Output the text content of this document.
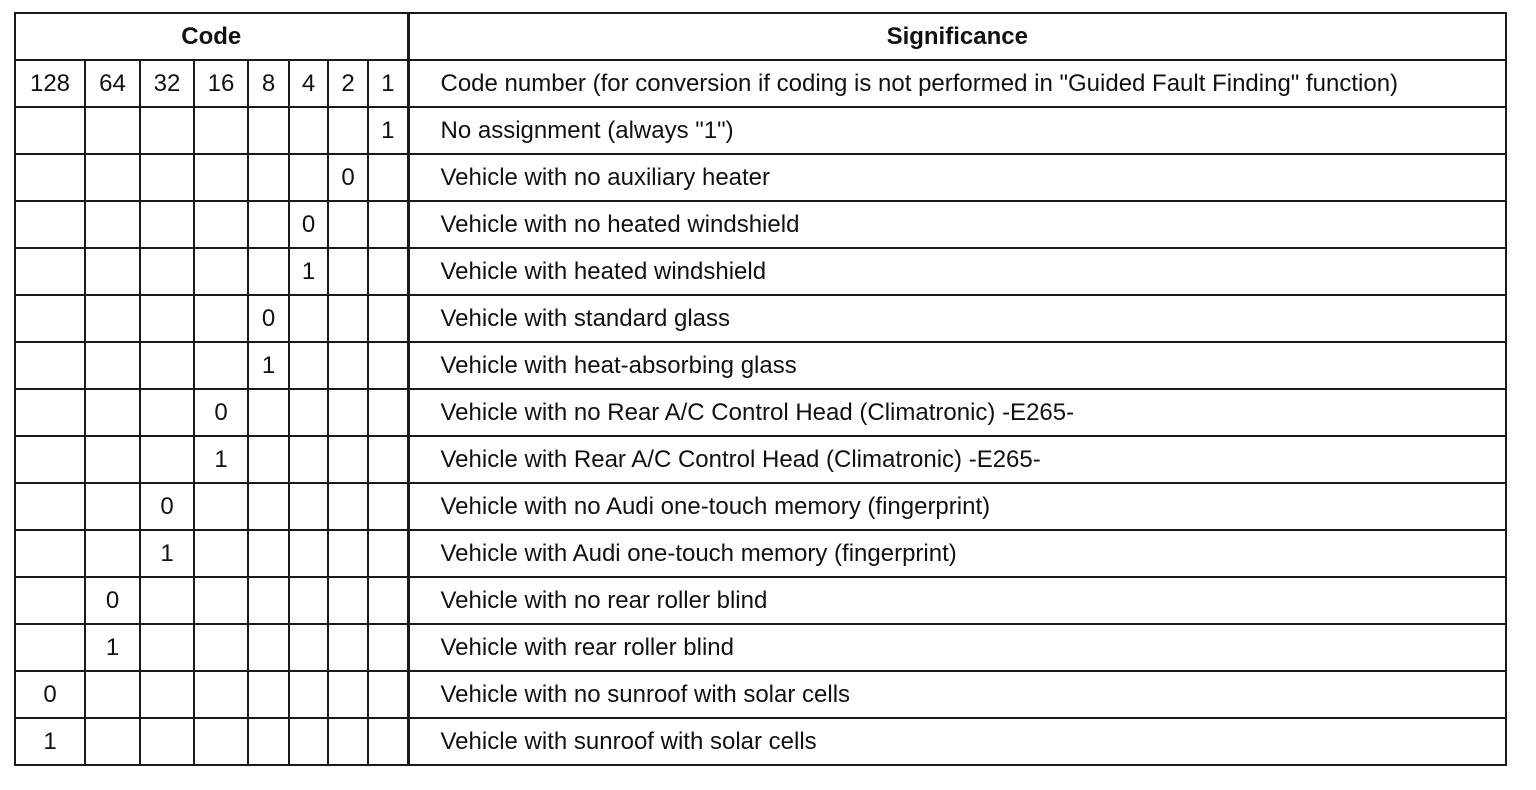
Code								Significance
128	64	32	16	8	4	2	1	Code number (for conversion if coding is not performed in "Guided Fault Finding" function)
							1	No assignment (always "1")
						0		Vehicle with no auxiliary heater
					0			Vehicle with no heated windshield
					1			Vehicle with heated windshield
				0				Vehicle with standard glass
				1				Vehicle with heat-absorbing glass
			0					Vehicle with no Rear A/C Control Head (Climatronic) -E265-
			1					Vehicle with Rear A/C Control Head (Climatronic) -E265-
		0						Vehicle with no Audi one-touch memory (fingerprint)
		1						Vehicle with Audi one-touch memory (fingerprint)
	0							Vehicle with no rear roller blind
	1							Vehicle with rear roller blind
0								Vehicle with no sunroof with solar cells
1								Vehicle with sunroof with solar cells
